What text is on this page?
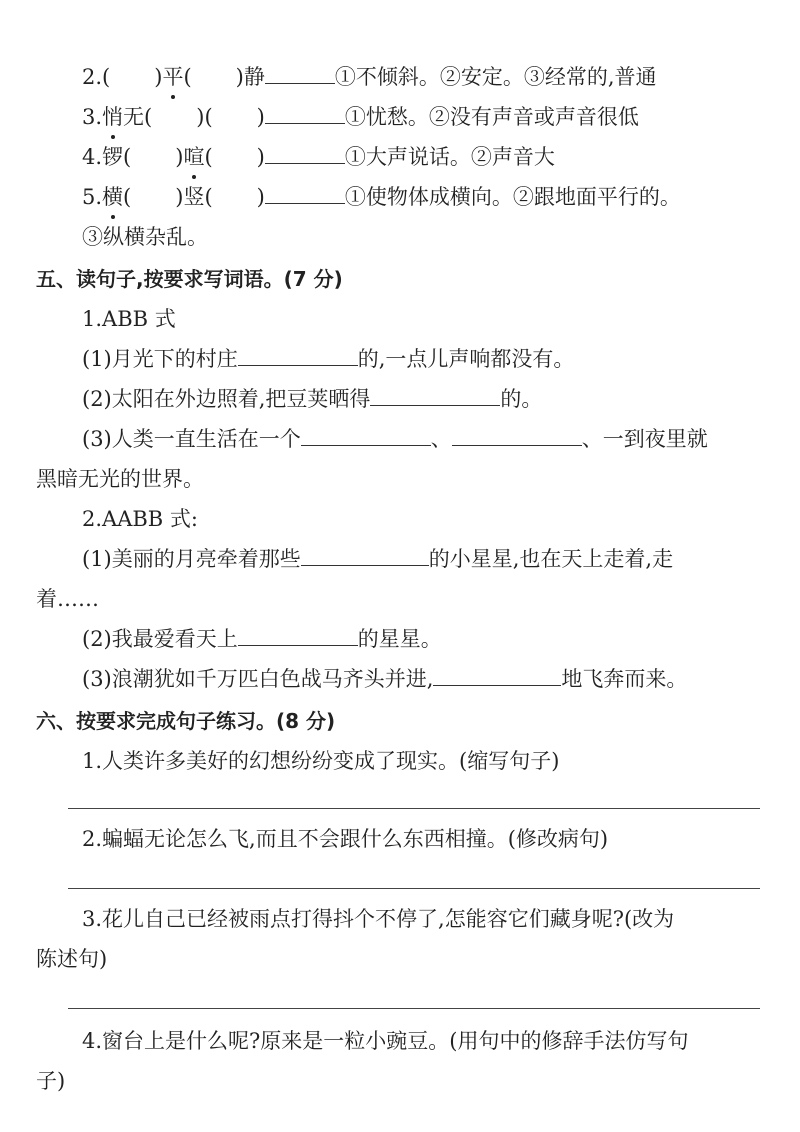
2.( )平( )静	①不倾斜。②安定。③经常的,普通
3.悄无( )( )	①忧愁。②没有声音或声音很低
4.锣( )喧( )	①大声说话。②声音大
5.横( )竖( )	①使物体成横向。②跟地面平行的。
③纵横杂乱。
五、读句子,按要求写词语。(7 分)
1.ABB 式
(1)月光下的村庄	的,一点儿声响都没有。
(2)太阳在外边照着,把豆荚晒得	的。
(3)人类一直生活在一个	、	、一到夜里就
黑暗无光的世界。
2.AABB 式:
(1)美丽的月亮牵着那些	的小星星,也在天上走着,走
着……
(2)我最爱看天上	的星星。
(3)浪潮犹如千万匹白色战马齐头并进,	地飞奔而来。
六、按要求完成句子练习。(8 分)
1.人类许多美好的幻想纷纷变成了现实。(缩写句子)
2.蝙蝠无论怎么飞,而且不会跟什么东西相撞。(修改病句)
3.花儿自己已经被雨点打得抖个不停了,怎能容它们藏身呢?(改为
陈述句)
4.窗台上是什么呢?原来是一粒小豌豆。(用句中的修辞手法仿写句
子)
